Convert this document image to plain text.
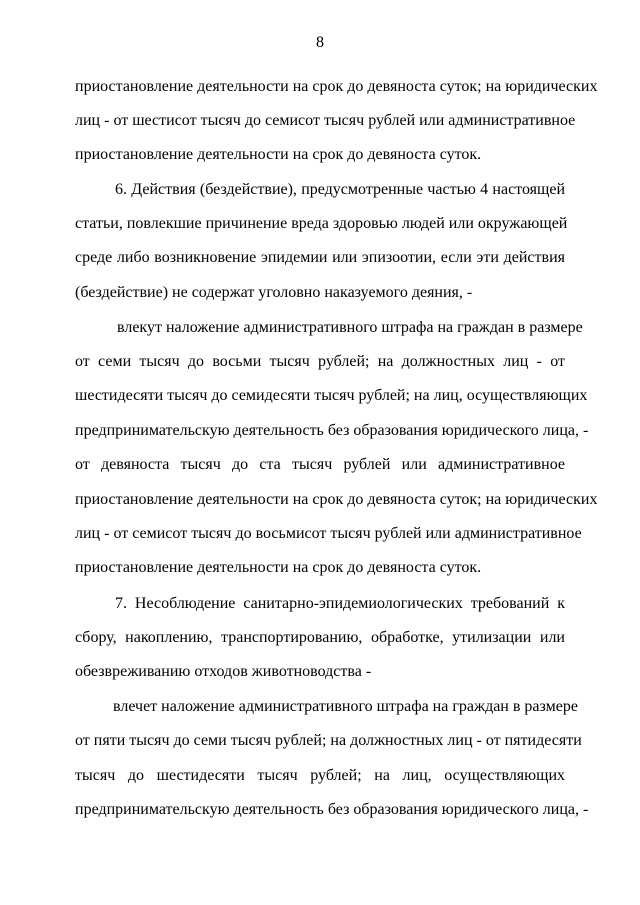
8
приостановление деятельности на срок до девяноста суток; на юридических
лиц - от шестисот тысяч до семисот тысяч рублей или административное
приостановление деятельности на срок до девяноста суток.
6. Действия (бездействие), предусмотренные частью 4 настоящей
статьи, повлекшие причинение вреда здоровью людей или окружающей
среде либо возникновение эпидемии или эпизоотии, если эти действия
(бездействие) не содержат уголовно наказуемого деяния, -
влекут наложение административного штрафа на граждан в размере
от семи тысяч до восьми тысяч рублей; на должностных лиц - от
шестидесяти тысяч до семидесяти тысяч рублей; на лиц, осуществляющих
предпринимательскую деятельность без образования юридического лица, -
от девяноста тысяч до ста тысяч рублей или административное
приостановление деятельности на срок до девяноста суток; на юридических
лиц - от семисот тысяч до восьмисот тысяч рублей или административное
приостановление деятельности на срок до девяноста суток.
7. Несоблюдение санитарно-эпидемиологических требований к
сбору, накоплению, транспортированию, обработке, утилизации или
обезвреживанию отходов животноводства -
влечет наложение административного штрафа на граждан в размере
от пяти тысяч до семи тысяч рублей; на должностных лиц - от пятидесяти
тысяч до шестидесяти тысяч рублей; на лиц, осуществляющих
предпринимательскую деятельность без образования юридического лица, -
